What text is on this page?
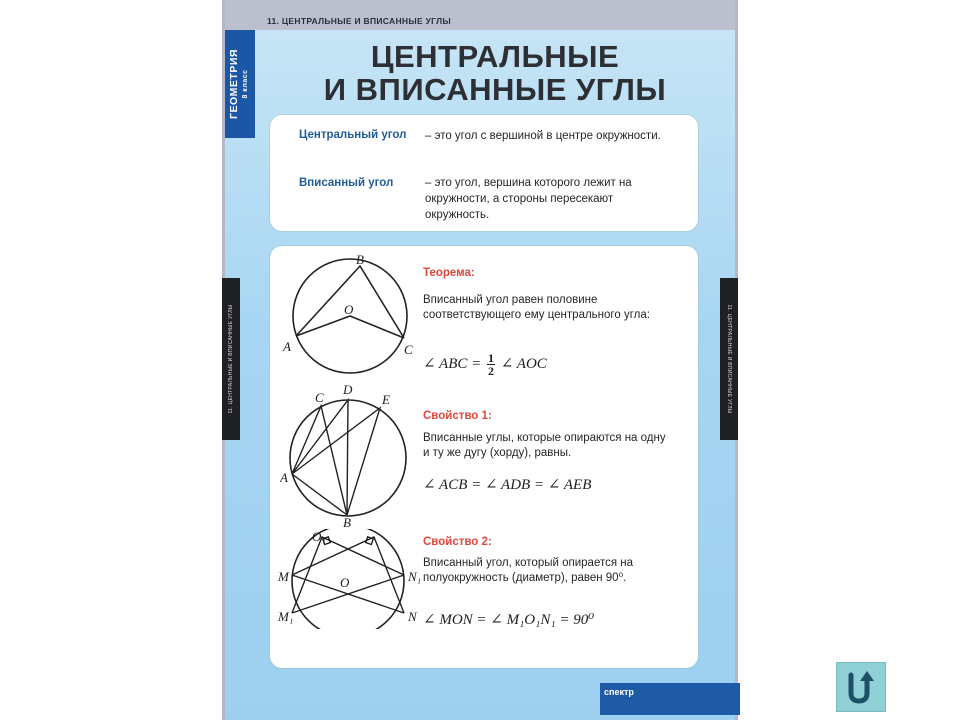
11. ЦЕНТРАЛЬНЫЕ И ВПИСАННЫЕ УГЛЫ
ГЕОМЕТРИЯ 8 класс
ЦЕНТРАЛЬНЫЕ
И ВПИСАННЫЕ УГЛЫ
Центральный угол – это угол с вершиной в центре окружности.
Вписанный угол	– это угол, вершина которого лежит на окружности, а стороны пересекают окружность.
B
O
A	C
Теорема:
Вписанный угол равен половине соответствующего ему центрального угла:
∠ ABC = $\frac{1}{2}$ ∠ AOC
C
D
E
A
B
Свойство 1:
Вписанные углы, которые опираются на одну и ту же дугу (хорду), равны.
∠ ACB = ∠ ADB = ∠ AEB
O₁
O
M	N₁
M₁	N
Свойство 2:
Вписанный угол, который опирается на полуокружность (диаметр), равен 90⁰.
∠ MON = ∠ M₁O₁N₁ = 90⁰
11. ЦЕНТРАЛЬНЫЕ И ВПИСАННЫЕ УГЛЫ	11. ЦЕНТРАЛЬНЫЕ И ВПИСАННЫЕ УГЛЫ
спектр
